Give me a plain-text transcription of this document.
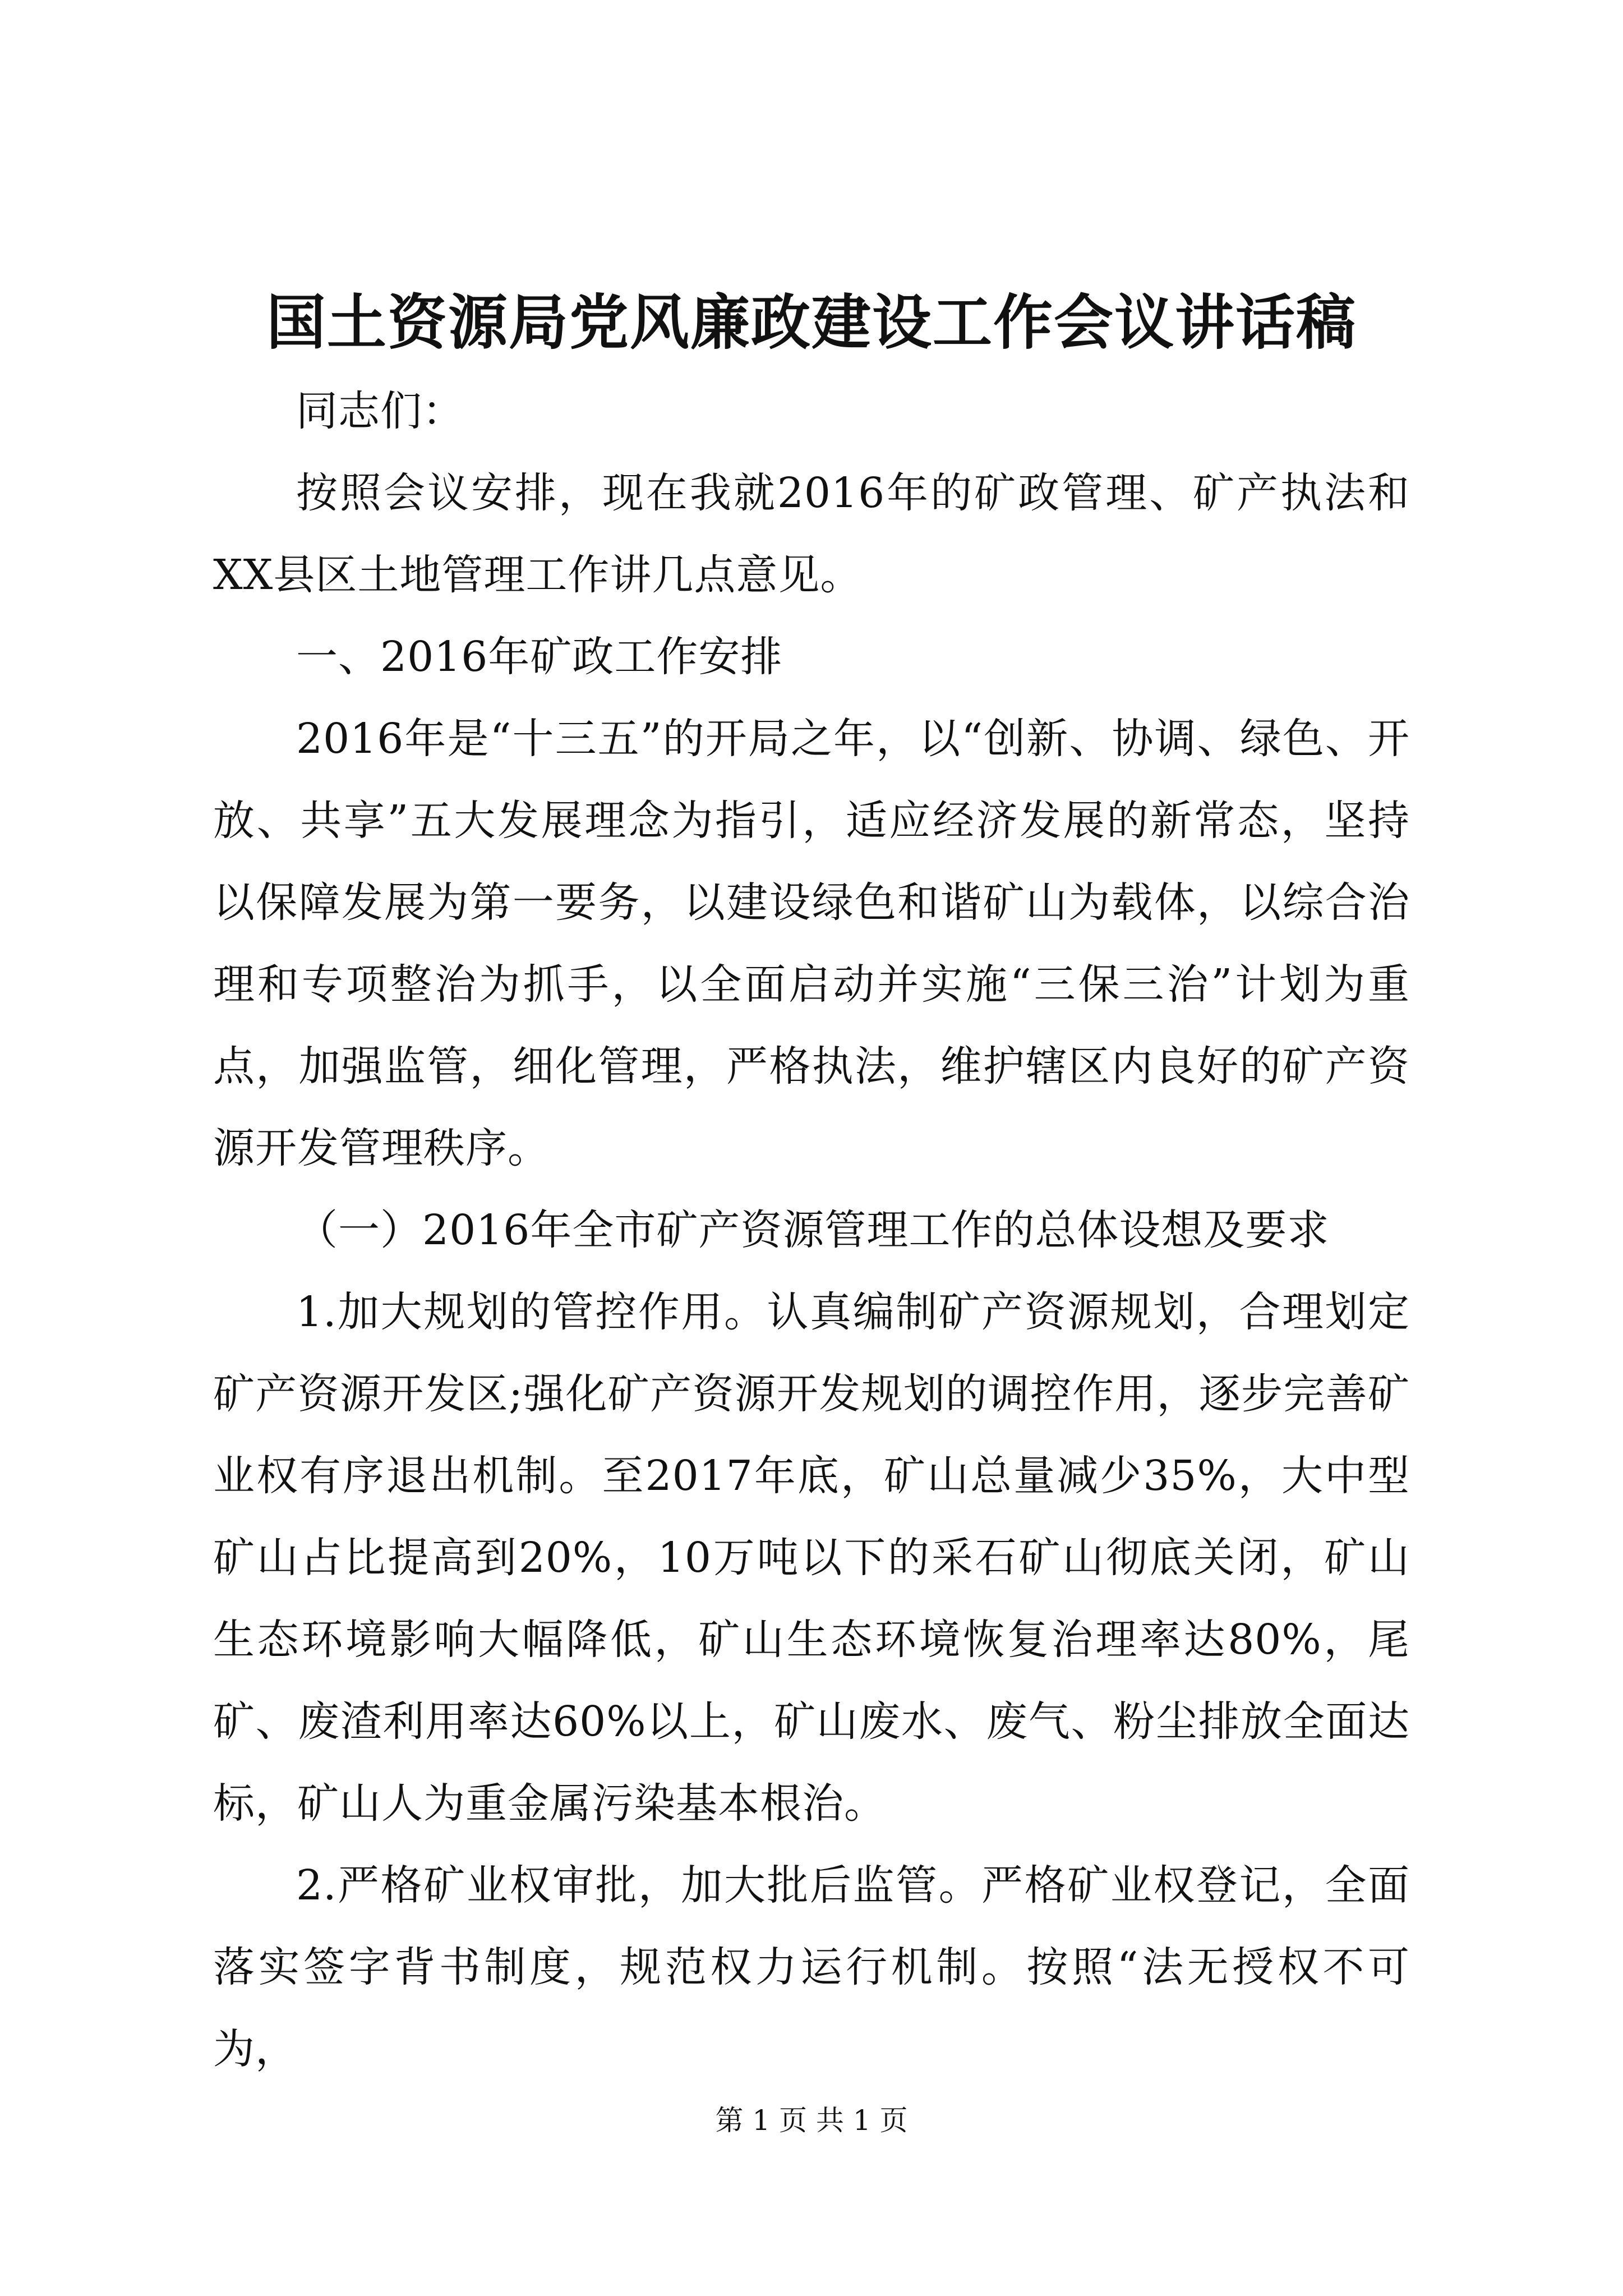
国土资源局党风廉政建设工作会议讲话稿

同志们：

按照会议安排，现在我就2016年的矿政管理、矿产执法和XX县区土地管理工作讲几点意见。

一、2016年矿政工作安排

2016年是“十三五”的开局之年，以“创新、协调、绿色、开放、共享”五大发展理念为指引，适应经济发展的新常态，坚持以保障发展为第一要务，以建设绿色和谐矿山为载体，以综合治理和专项整治为抓手，以全面启动并实施“三保三治”计划为重点，加强监管，细化管理，严格执法，维护辖区内良好的矿产资源开发管理秩序。

（一）2016年全市矿产资源管理工作的总体设想及要求

1.加大规划的管控作用。认真编制矿产资源规划，合理划定矿产资源开发区;强化矿产资源开发规划的调控作用，逐步完善矿业权有序退出机制。至2017年底，矿山总量减少35%，大中型矿山占比提高到20%，10万吨以下的采石矿山彻底关闭，矿山生态环境影响大幅降低，矿山生态环境恢复治理率达80%，尾矿、废渣利用率达60%以上，矿山废水、废气、粉尘排放全面达标，矿山人为重金属污染基本根治。

2.严格矿业权审批，加大批后监管。严格矿业权登记，全面落实签字背书制度，规范权力运行机制。按照“法无授权不可为，

第 1 页 共 1 页
